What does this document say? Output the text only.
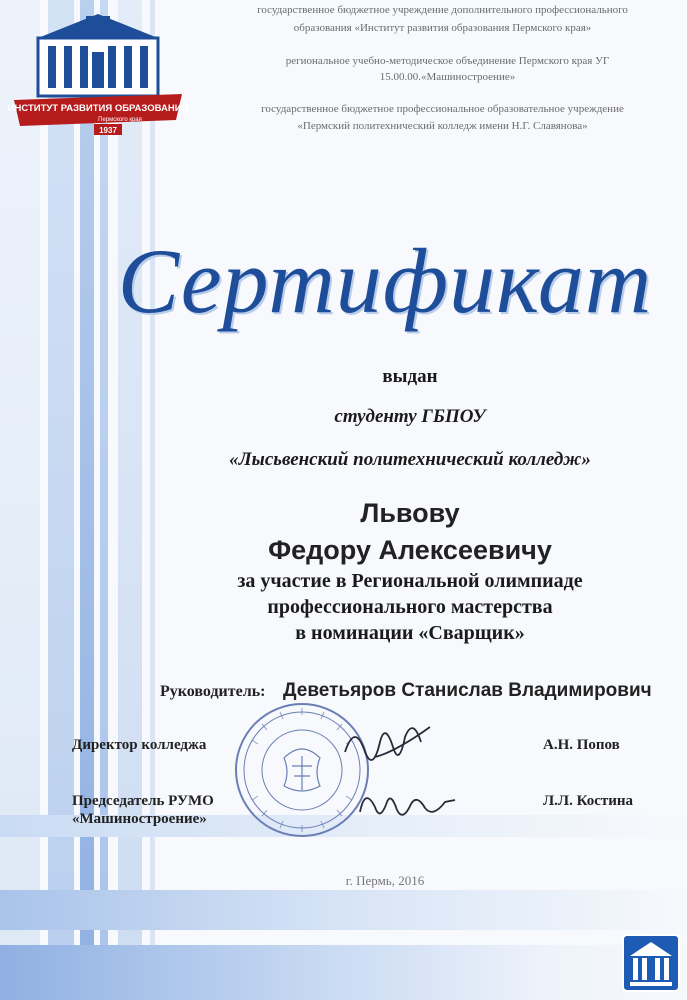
ИНСТИТУТ РАЗВИТИЯ ОБРАЗОВАНИЯ
Пермского края
1937
государственное бюджетное учреждение дополнительного профессионального
образования «Институт развития образования Пермского края»
региональное учебно-методическое объединение Пермского края УГ
15.00.00.«Машиностроение»
государственное бюджетное профессиональное образовательное учреждение
«Пермский политехнический колледж имени Н.Г. Славянова»
Сертификат
выдан
студенту ГБПОУ
«Лысьвенский политехнический колледж»
Львову
Федору Алексеевичу
за участие в Региональной олимпиаде
профессионального мастерства
в номинации «Сварщик»
Руководитель: Деветьяров Станислав Владимирович
Директор колледжа	А.Н. Попов
Председатель РУМО
«Машиностроение»
Л.Л. Костина
г. Пермь, 2016
